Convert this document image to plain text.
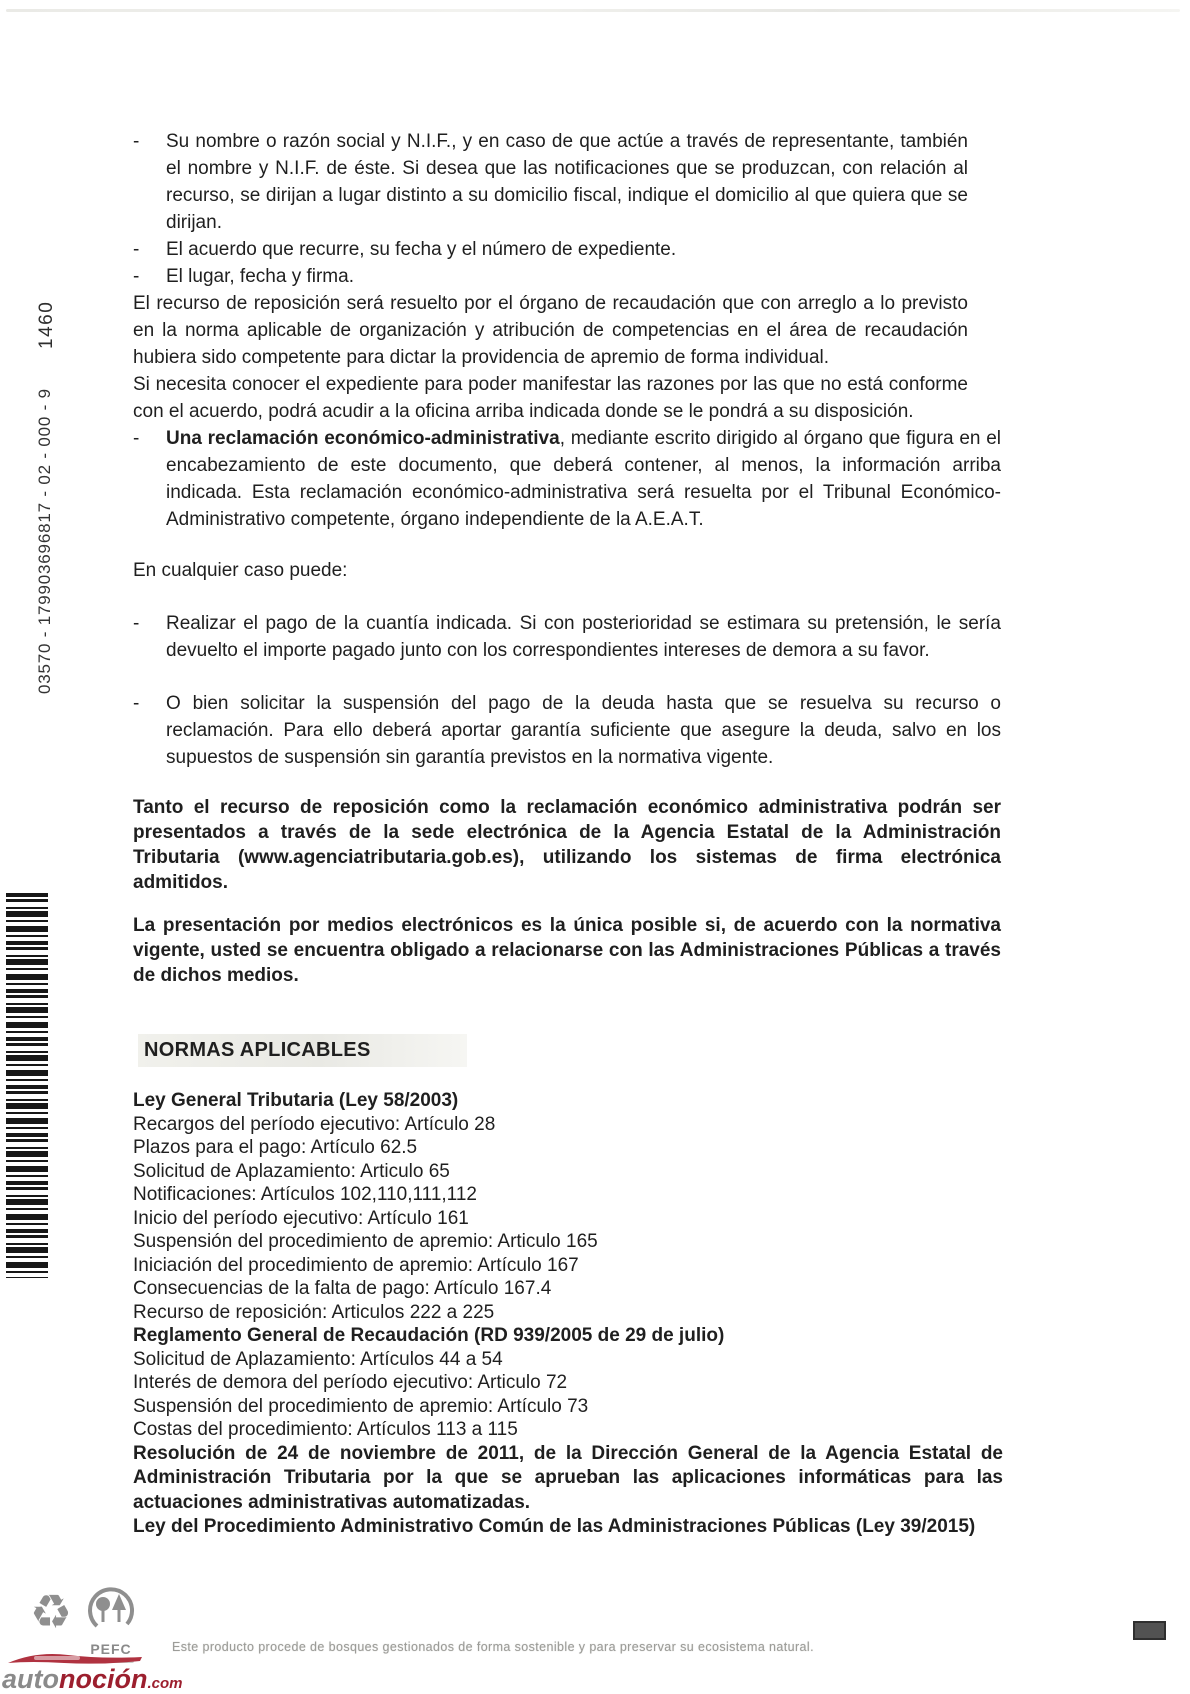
1460
03570 - 179903696817 - 02 - 000 - 9
-	Su nombre o razón social y N.I.F., y en caso de que actúe a través de representante, también el nombre y N.I.F. de éste. Si desea que las notificaciones que se produzcan, con relación al recurso, se dirijan a lugar distinto a su domicilio fiscal, indique el domicilio al que quiera que se dirijan.
-	El acuerdo que recurre, su fecha y el número de expediente.
-	El lugar, fecha y firma.

El recurso de reposición será resuelto por el órgano de recaudación que con arreglo a lo previsto en la norma aplicable de organización y atribución de competencias en el área de recaudación hubiera sido competente para dictar la providencia de apremio de forma individual.

Si necesita conocer el expediente para poder manifestar las razones por las que no está conforme con el acuerdo, podrá acudir a la oficina arriba indicada donde se le pondrá a su disposición.

-	Una reclamación económico-administrativa, mediante escrito dirigido al órgano que figura en el encabezamiento de este documento, que deberá contener, al menos, la información arriba indicada. Esta reclamación económico-administrativa será resuelta por el Tribunal Económico-Administrativo competente, órgano independiente de la A.E.A.T.

En cualquier caso puede:

-	Realizar el pago de la cuantía indicada. Si con posterioridad se estimara su pretensión, le sería devuelto el importe pagado junto con los correspondientes intereses de demora a su favor.
-	O bien solicitar la suspensión del pago de la deuda hasta que se resuelva su recurso o reclamación. Para ello deberá aportar garantía suficiente que asegure la deuda, salvo en los supuestos de suspensión sin garantía previstos en la normativa vigente.

Tanto el recurso de reposición como la reclamación económico administrativa podrán ser presentados a través de la sede electrónica de la Agencia Estatal de la Administración Tributaria (www.agenciatributaria.gob.es), utilizando los sistemas de firma electrónica admitidos.

La presentación por medios electrónicos es la única posible si, de acuerdo con la normativa vigente, usted se encuentra obligado a relacionarse con las Administraciones Públicas a través de dichos medios.

NORMAS APLICABLES
Ley General Tributaria (Ley 58/2003)
Recargos del período ejecutivo: Artículo 28
Plazos para el pago: Artículo 62.5
Solicitud de Aplazamiento: Articulo 65
Notificaciones: Artículos 102,110,111,112
Inicio del período ejecutivo: Artículo 161
Suspensión del procedimiento de apremio: Articulo 165
Iniciación del procedimiento de apremio: Artículo 167
Consecuencias de la falta de pago: Artículo 167.4
Recurso de reposición: Articulos 222 a 225
Reglamento General de Recaudación (RD 939/2005 de 29 de julio)
Solicitud de Aplazamiento: Artículos 44 a 54
Interés de demora del período ejecutivo: Articulo 72
Suspensión del procedimiento de apremio: Artículo 73
Costas del procedimiento: Artículos 113 a 115
Resolución de 24 de noviembre de 2011, de la Dirección General de la Agencia Estatal de Administración Tributaria por la que se aprueban las aplicaciones informáticas para las actuaciones administrativas automatizadas.
Ley del Procedimiento Administrativo Común de las Administraciones Públicas (Ley 39/2015)
♻
PEFC
autonoción.com
Este producto procede de bosques gestionados de forma sostenible y para preservar su ecosistema natural.
